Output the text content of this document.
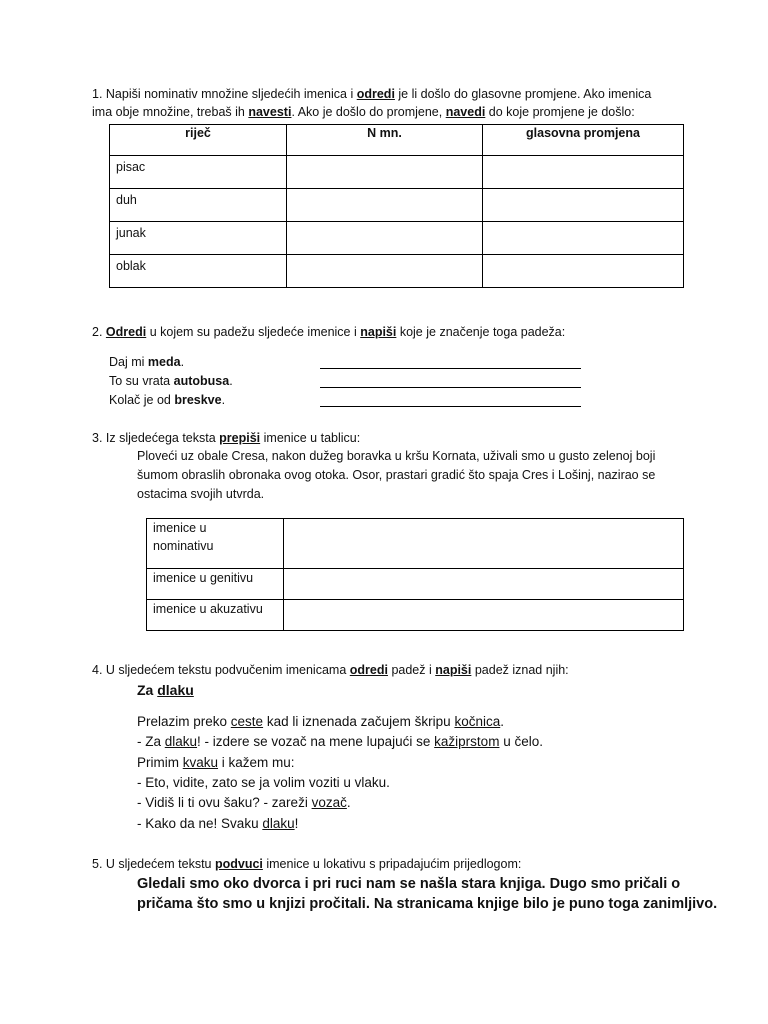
1. Napiši nominativ množine sljedećih imenica i odredi je li došlo do glasovne promjene. Ako imenica
ima obje množine, trebaš ih navesti. Ako je došlo do promjene, navedi do koje promjene je došlo:
riječ	N mn.	glasovna promjena
pisac		
duh		
junak		
oblak		
2. Odredi u kojem su padežu sljedeće imenice i napiši koje je značenje toga padeža:
Daj mi meda.
To su vrata autobusa.
Kolač je od breskve.
3. Iz sljedećega teksta prepiši imenice u tablicu:
Ploveći uz obale Cresa, nakon dužeg boravka u kršu Kornata, uživali smo u gusto zelenoj boji
šumom obraslih obronaka ovog otoka. Osor, prastari gradić što spaja Cres i Lošinj, nazirao se
ostacima svojih utvrda.
imenice u
nominativu	

imenice u genitivu	
imenice u akuzativu	
4. U sljedećem tekstu podvučenim imenicama odredi padež i napiši padež iznad njih:
Za dlaku
Prelazim preko ceste kad li iznenada začujem škripu kočnica.
- Za dlaku! - izdere se vozač na mene lupajući se kažiprstom u čelo.
Primim kvaku i kažem mu:
- Eto, vidite, zato se ja volim voziti u vlaku.
- Vidiš li ti ovu šaku? - zareži vozač.
- Kako da ne! Svaku dlaku!
5. U sljedećem tekstu podvuci imenice u lokativu s pripadajućim prijedlogom:
Gledali smo oko dvorca i pri ruci nam se našla stara knjiga. Dugo smo pričali o
pričama što smo u knjizi pročitali. Na stranicama knjige bilo je puno toga zanimljivo.
